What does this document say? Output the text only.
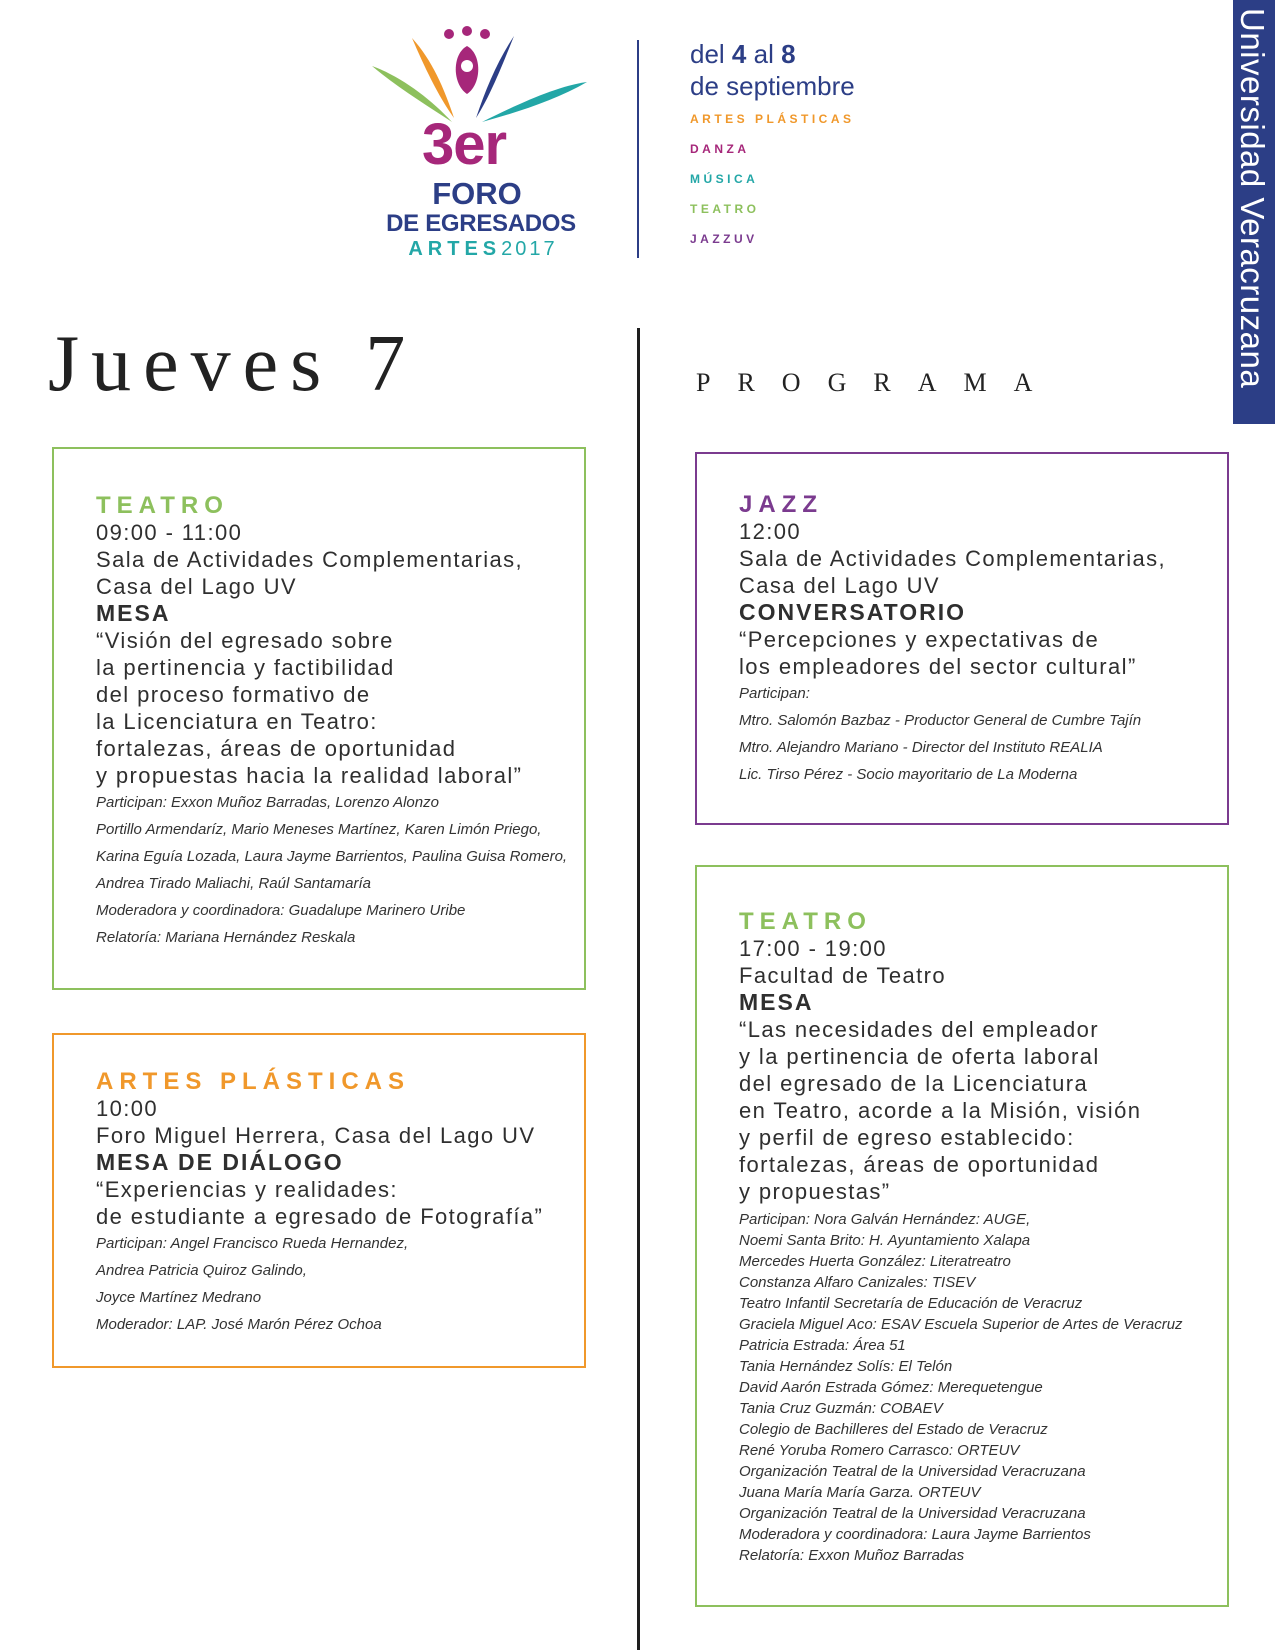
Universidad Veracruzana
3er
FORO
DE EGRESADOS
ARTES2017
del 4 al 8
de septiembre
ARTES PLÁSTICAS
DANZA
MÚSICA
TEATRO
JAZZUV
Jueves 7	PROGRAMA
TEATRO
09:00 - 11:00
Sala de Actividades Complementarias,
Casa del Lago UV
MESA
“Visión del egresado sobre
la pertinencia y factibilidad
del proceso formativo de
la Licenciatura en Teatro:
fortalezas, áreas de oportunidad
y propuestas hacia la realidad laboral”
Participan: Exxon Muñoz Barradas, Lorenzo Alonzo
Portillo Armendaríz, Mario Meneses Martínez, Karen Limón Priego,
Karina Eguía Lozada, Laura Jayme Barrientos, Paulina Guisa Romero,
Andrea Tirado Maliachi, Raúl Santamaría
Moderadora y coordinadora: Guadalupe Marinero Uribe
Relatoría: Mariana Hernández Reskala
ARTES PLÁSTICAS
10:00
Foro Miguel Herrera, Casa del Lago UV
MESA DE DIÁLOGO
“Experiencias y realidades:
de estudiante a egresado de Fotografía”
Participan: Angel Francisco Rueda Hernandez,
Andrea Patricia Quiroz Galindo,
Joyce Martínez Medrano
Moderador: LAP. José Marón Pérez Ochoa
JAZZ
12:00
Sala de Actividades Complementarias,
Casa del Lago UV
CONVERSATORIO
“Percepciones y expectativas de
los empleadores del sector cultural”
Participan:
Mtro. Salomón Bazbaz - Productor General de Cumbre Tajín
Mtro. Alejandro Mariano - Director del Instituto REALIA
Lic. Tirso Pérez - Socio mayoritario de La Moderna
TEATRO
17:00 - 19:00
Facultad de Teatro
MESA
“Las necesidades del empleador
y la pertinencia de oferta laboral
del egresado de la Licenciatura
en Teatro, acorde a la Misión, visión
y perfil de egreso establecido:
fortalezas, áreas de oportunidad
y propuestas”
Participan: Nora Galván Hernández: AUGE,
Noemi Santa Brito: H. Ayuntamiento Xalapa
Mercedes Huerta González: Literatreatro
Constanza Alfaro Canizales: TISEV
Teatro Infantil Secretaría de Educación de Veracruz
Graciela Miguel Aco: ESAV Escuela Superior de Artes de Veracruz
Patricia Estrada: Área 51
Tania Hernández Solís: El Telón
David Aarón Estrada Gómez: Merequetengue
Tania Cruz Guzmán: COBAEV
Colegio de Bachilleres del Estado de Veracruz
René Yoruba Romero Carrasco: ORTEUV
Organización Teatral de la Universidad Veracruzana
Juana María María Garza. ORTEUV
Organización Teatral de la Universidad Veracruzana
Moderadora y coordinadora: Laura Jayme Barrientos
Relatoría: Exxon Muñoz Barradas
